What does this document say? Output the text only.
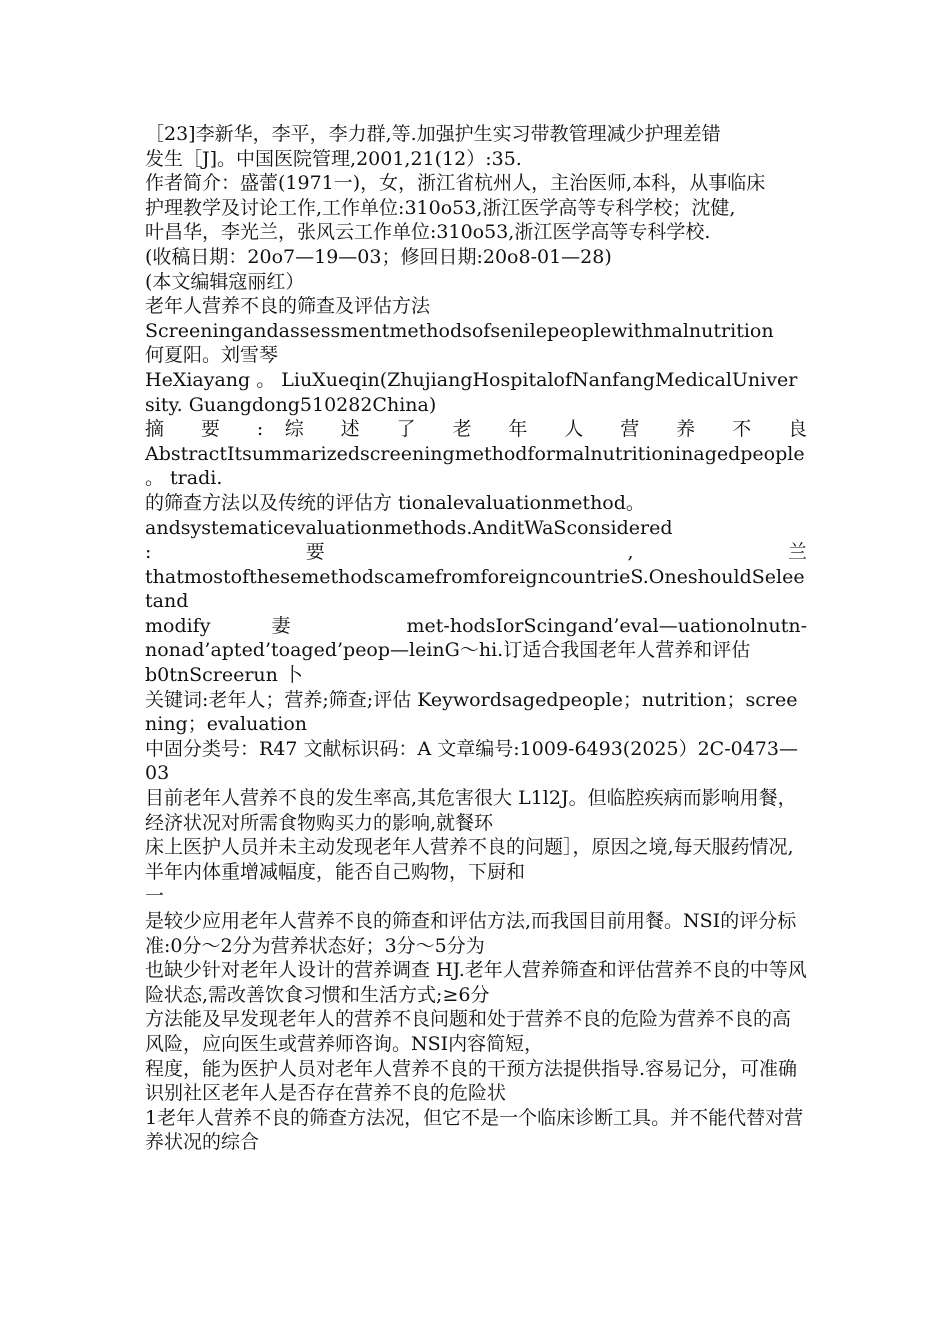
［23]李新华，李平，李力群,等.加强护生实习带教管理减少护理差错
发生［J]。中国医院管理,2001,21(12）:35.
作者简介：盛蕾(1971一)，女，浙江省杭州人，主治医师,本科，从事临床
护理教学及讨论工作,工作单位:310o53,浙江医学高等专科学校；沈健,
叶昌华，李光兰，张风云工作单位:310o53,浙江医学高等专科学校.
(收稿日期：20o7—19—03；修回日期:20o8-01—28)
(本文编辑寇丽红）
老年人营养不良的筛查及评估方法
Screeningandassessmentmethodsofsenilepeoplewithmalnutrition
何夏阳。刘雪琴
HeXiayang 。 LiuXueqin(ZhujiangHospitalofNanfangMedicalUniversity. Guangdong510282China)
摘 要 : 综 述 了 老 年 人 营 养 不 良
AbstractItsummarizedscreeningmethodformalnutritioninagedpeople 。 tradi.
的筛查方法以及传统的评估方 tionalevaluationmethod。
andsystematicevaluationmethods.AnditWaSconsidered
: 要 , 兰
thatmostofthesemethodscamefromforeigncountrieS.OneshouldSeleetand
modify 妻 met-hodsIorScingand’eval—uationolnutn-
nonad’apted’toaged’peop—leinG～hi.订适合我国老年人营养和评估
b0tnScreerun 卜
关键词:老年人；营养;筛查;评估 Keywordsagedpeople；nutrition；screening；evaluation
中固分类号：R47 文献标识码：A 文章编号:1009-6493(2025）2C-0473—03
目前老年人营养不良的发生率高,其危害很大 L1l2J。但临腔疾病而影响用餐，经济状况对所需食物购买力的影响,就餐环
床上医护人员并未主动发现老年人营养不良的问题］，原因之境,每天服药情况,半年内体重增减幅度，能否自己购物，下厨和
一
是较少应用老年人营养不良的筛查和评估方法,而我国目前用餐。NSI的评分标准:0分～2分为营养状态好；3分～5分为
也缺少针对老年人设计的营养调查 HJ.老年人营养筛查和评估营养不良的中等风险状态,需改善饮食习惯和生活方式;≥6分
方法能及早发现老年人的营养不良问题和处于营养不良的危险为营养不良的高风险，应向医生或营养师咨询。NSI内容简短，
程度，能为医护人员对老年人营养不良的干预方法提供指导.容易记分，可准确识别社区老年人是否存在营养不良的危险状
1老年人营养不良的筛查方法况，但它不是一个临床诊断工具。并不能代替对营养状况的综合
